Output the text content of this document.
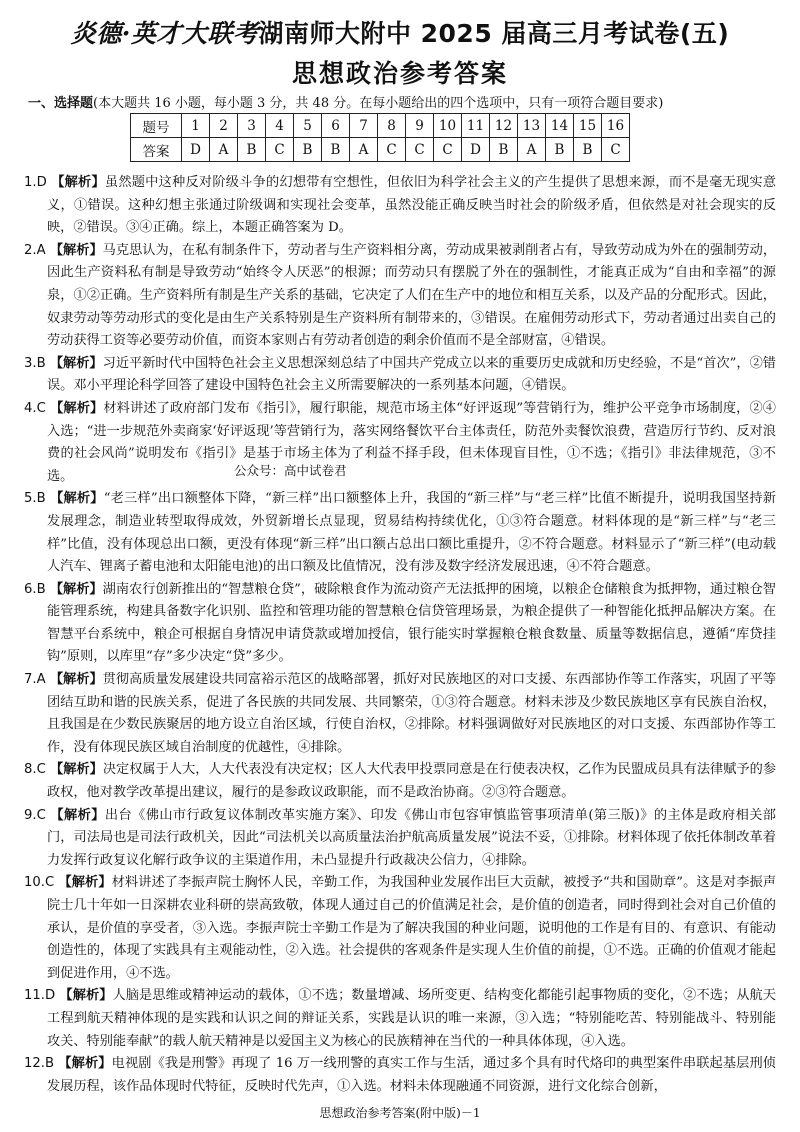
炎德·英才大联考湖南师大附中 2025 届高三月考试卷(五)
思想政治参考答案
一、选择题(本大题共 16 小题，每小题 3 分，共 48 分。在每小题给出的四个选项中，只有一项符合题目要求)
题号	1	2	3	4	5	6	7	8	9	10	11	12	13	14	15	16
答案	D	A	B	C	B	B	A	C	C	C	D	B	A	B	B	C

1.D 【解析】虽然题中这种反对阶级斗争的幻想带有空想性，但依旧为科学社会主义的产生提供了思想来源，而不是毫无现实意义，①错误。这种幻想主张通过阶级调和实现社会变革，虽然没能正确反映当时社会的阶级矛盾，但依然是对社会现实的反映，②错误。③④正确。综上，本题正确答案为 D。

2.A 【解析】马克思认为，在私有制条件下，劳动者与生产资料相分离，劳动成果被剥削者占有，导致劳动成为外在的强制劳动，因此生产资料私有制是导致劳动“始终令人厌恶”的根源；而劳动只有摆脱了外在的强制性，才能真正成为“自由和幸福”的源泉，①②正确。生产资料所有制是生产关系的基础，它决定了人们在生产中的地位和相互关系，以及产品的分配形式。因此，奴隶劳动等劳动形式的变化是由生产关系特别是生产资料所有制带来的，③错误。在雇佣劳动形式下，劳动者通过出卖自己的劳动获得工资等必要劳动价值，而资本家则占有劳动者创造的剩余价值而不是全部财富，④错误。

3.B 【解析】习近平新时代中国特色社会主义思想深刻总结了中国共产党成立以来的重要历史成就和历史经验，不是“首次”，②错误。邓小平理论科学回答了建设中国特色社会主义所需要解决的一系列基本问题，④错误。

4.C 【解析】材料讲述了政府部门发布《指引》，履行职能，规范市场主体“好评返现”等营销行为，维护公平竞争市场制度，②④入选；“进一步规范外卖商家‘好评返现’等营销行为，落实网络餐饮平台主体责任，防范外卖餐饮浪费，营造厉行节约、反对浪费的社会风尚”说明发布《指引》是基于市场主体为了利益不择手段，但未体现盲目性，①不选；《指引》非法律规范，③不选。

5.B 【解析】“老三样”出口额整体下降，“新三样”出口额整体上升，我国的“新三样”与“老三样”比值不断提升，说明我国坚持新发展理念，制造业转型取得成效，外贸新增长点显现，贸易结构持续优化，①③符合题意。材料体现的是“新三样”与“老三样”比值，没有体现总出口额，更没有体现“新三样”出口额占总出口额比重提升，②不符合题意。材料显示了“新三样”(电动载人汽车、锂离子蓄电池和太阳能电池)的出口额及比值情况，没有涉及数字经济发展迅速，④不符合题意。

6.B 【解析】湖南农行创新推出的“智慧粮仓贷”，破除粮食作为流动资产无法抵押的困境，以粮企仓储粮食为抵押物，通过粮仓智能管理系统，构建具备数字化识别、监控和管理功能的智慧粮仓信贷管理场景，为粮企提供了一种智能化抵押品解决方案。在智慧平台系统中，粮企可根据自身情况申请贷款或增加授信，银行能实时掌握粮仓粮食数量、质量等数据信息，遵循“库贷挂钩”原则，以库里“存”多少决定“贷”多少。

7.A 【解析】贯彻高质量发展建设共同富裕示范区的战略部署，抓好对民族地区的对口支援、东西部协作等工作落实，巩固了平等团结互助和谐的民族关系，促进了各民族的共同发展、共同繁荣，①③符合题意。材料未涉及少数民族地区享有民族自治权，且我国是在少数民族聚居的地方设立自治区域，行使自治权，②排除。材料强调做好对民族地区的对口支援、东西部协作等工作，没有体现民族区域自治制度的优越性，④排除。

8.C 【解析】决定权属于人大，人大代表没有决定权；区人大代表甲投票同意是在行使表决权，乙作为民盟成员具有法律赋予的参政权，他对教学改革提出建议，履行的是参政议政职能，而不是政治协商。②③符合题意。

9.C 【解析】出台《佛山市行政复议体制改革实施方案》、印发《佛山市包容审慎监管事项清单(第三版)》的主体是政府相关部门，司法局也是司法行政机关，因此“司法机关以高质量法治护航高质量发展”说法不妥，①排除。材料体现了依托体制改革着力发挥行政复议化解行政争议的主渠道作用，未凸显提升行政裁决公信力，④排除。

10.C 【解析】材料讲述了李振声院士胸怀人民，辛勤工作，为我国种业发展作出巨大贡献，被授予“共和国勋章”。这是对李振声院士几十年如一日深耕农业科研的崇高致敬，体现人通过自己的价值满足社会，是价值的创造者，同时得到社会对自己价值的承认，是价值的享受者，③入选。李振声院士辛勤工作是为了解决我国的种业问题，说明他的工作是有目的、有意识、有能动创造性的，体现了实践具有主观能动性，②入选。社会提供的客观条件是实现人生价值的前提，①不选。正确的价值观才能起到促进作用，④不选。

11.D 【解析】人脑是思维或精神运动的载体，①不选；数量增减、场所变更、结构变化都能引起事物质的变化，②不选；从航天工程到航天精神体现的是实践和认识之间的辩证关系，实践是认识的唯一来源，③入选；“特别能吃苦、特别能战斗、特别能攻关、特别能奉献”的载人航天精神是以爱国主义为核心的民族精神在当代的一种具体体现，④入选。

12.B 【解析】电视剧《我是刑警》再现了 16 万一线刑警的真实工作与生活，通过多个具有时代烙印的典型案件串联起基层刑侦发展历程，该作品体现时代特征，反映时代先声，①入选。材料未体现融通不同资源，进行文化综合创新，

公众号：高中试卷君
思想政治参考答案(附中版)－1
